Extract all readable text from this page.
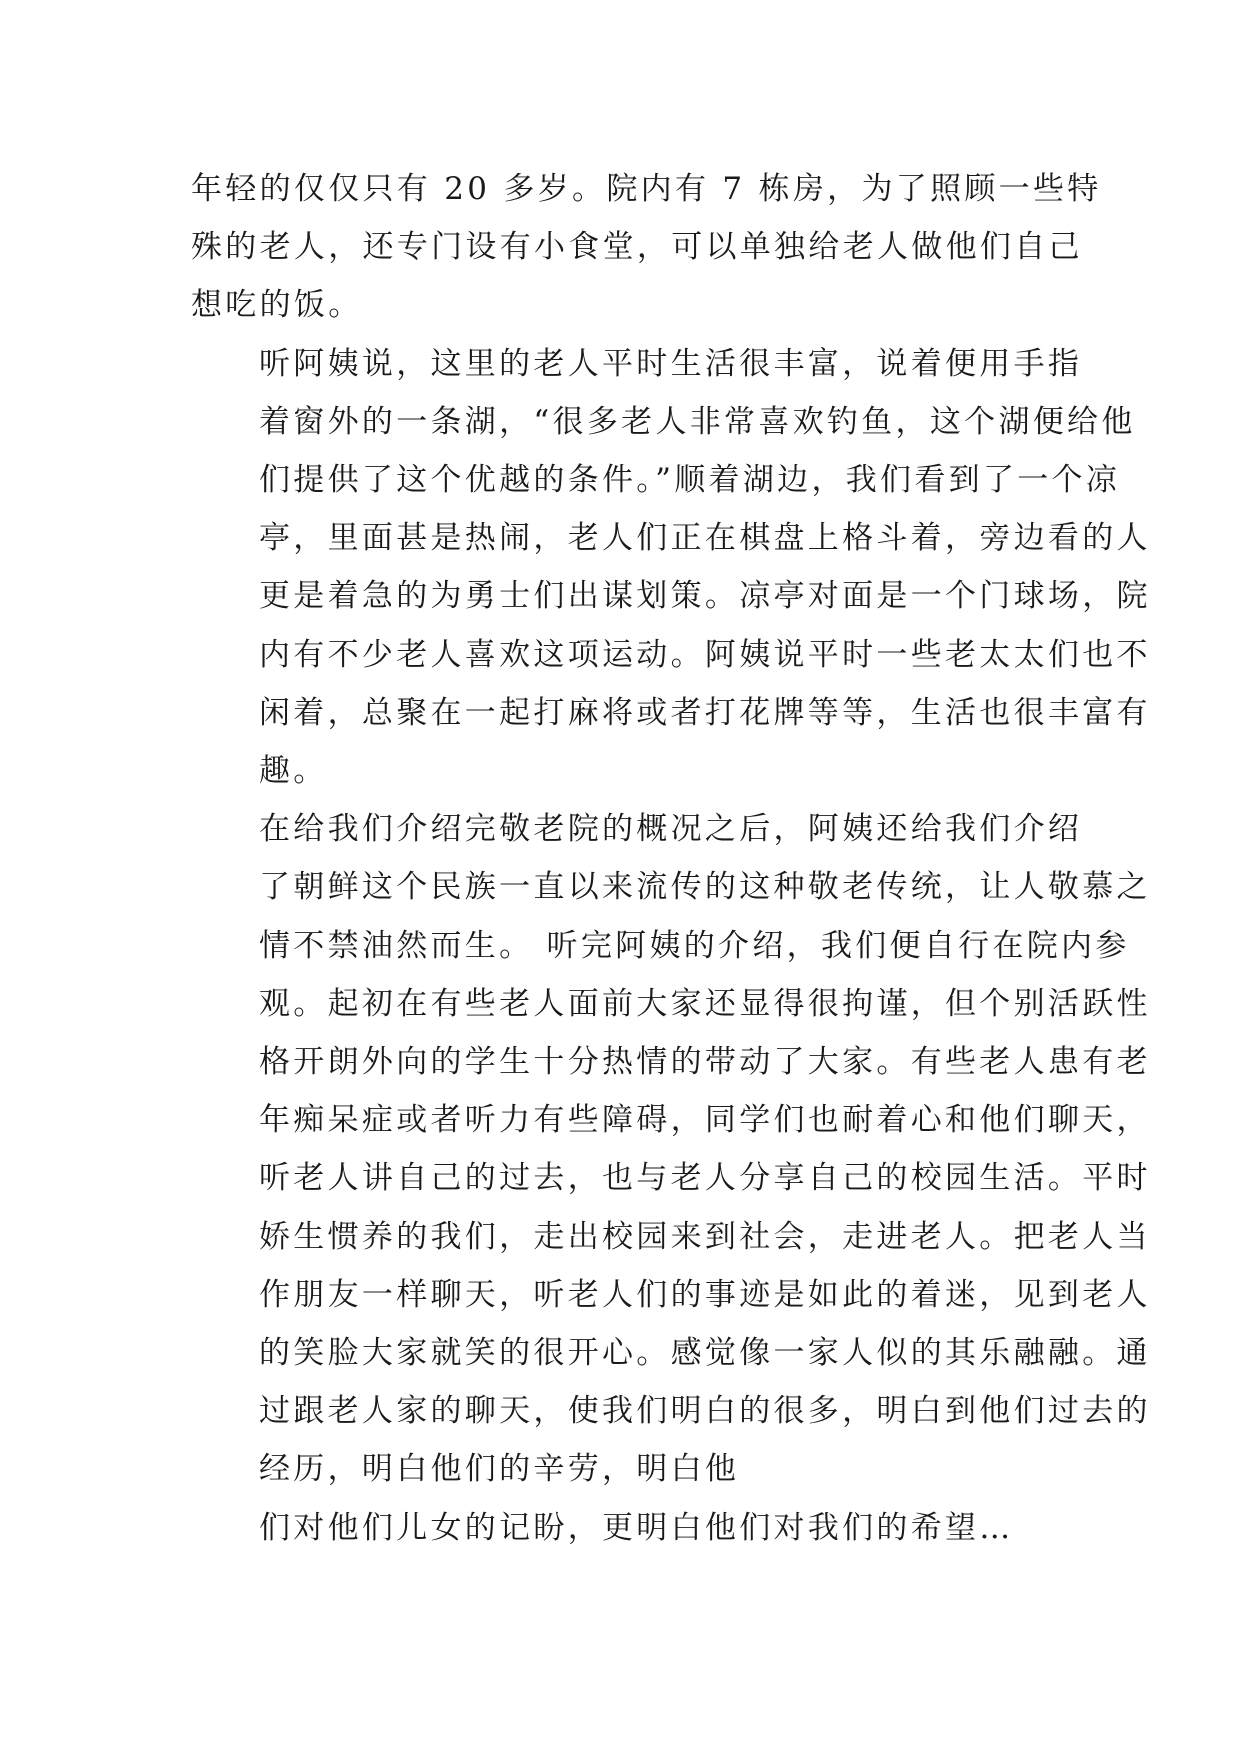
年轻的仅仅只有 20 多岁。院内有 7 栋房，为了照顾一些特
殊的老人，还专门设有小食堂，可以单独给老人做他们自己
想吃的饭。

听阿姨说，这里的老人平时生活很丰富，说着便用手指
着窗外的一条湖，“很多老人非常喜欢钓鱼，这个湖便给他
们提供了这个优越的条件。”顺着湖边，我们看到了一个凉
亭，里面甚是热闹，老人们正在棋盘上格斗着，旁边看的人
更是着急的为勇士们出谋划策。凉亭对面是一个门球场，院
内有不少老人喜欢这项运动。阿姨说平时一些老太太们也不
闲着，总聚在一起打麻将或者打花牌等等，生活也很丰富有
趣。

在给我们介绍完敬老院的概况之后，阿姨还给我们介绍
了朝鲜这个民族一直以来流传的这种敬老传统，让人敬慕之
情不禁油然而生。 听完阿姨的介绍，我们便自行在院内参
观。起初在有些老人面前大家还显得很拘谨，但个别活跃性
格开朗外向的学生十分热情的带动了大家。有些老人患有老
年痴呆症或者听力有些障碍，同学们也耐着心和他们聊天，
听老人讲自己的过去，也与老人分享自己的校园生活。平时
娇生惯养的我们，走出校园来到社会，走进老人。把老人当
作朋友一样聊天，听老人们的事迹是如此的着迷，见到老人
的笑脸大家就笑的很开心。感觉像一家人似的其乐融融。通
过跟老人家的聊天，使我们明白的很多，明白到他们过去的
经历，明白他们的辛劳，明白他

们对他们儿女的记盼，更明白他们对我们的希望…
